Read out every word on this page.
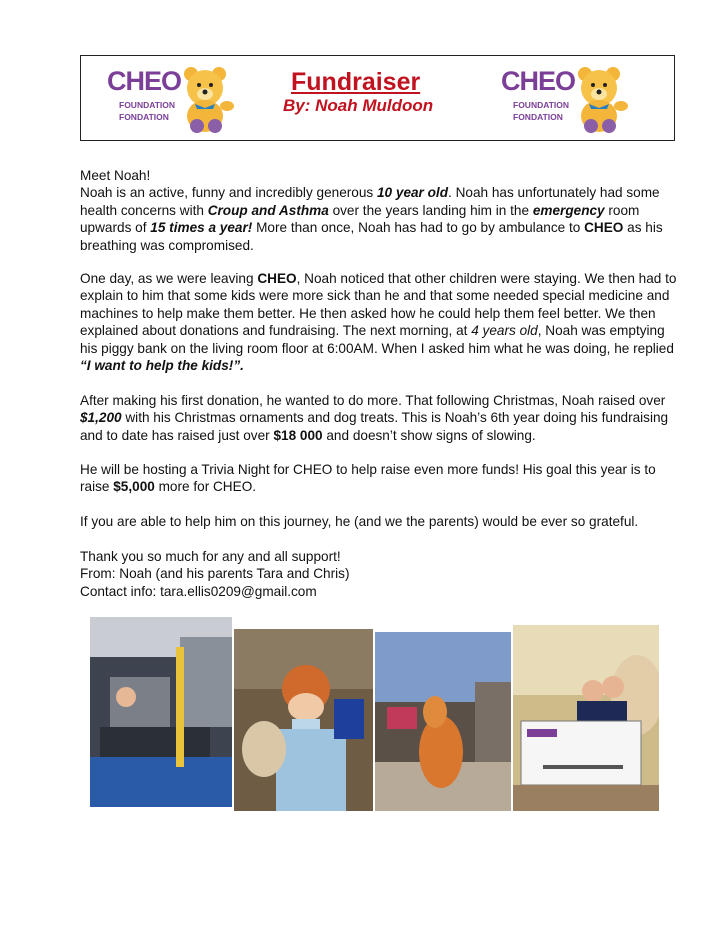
CHEO
FOUNDATION
FONDATION
Fundraiser
By: Noah Muldoon
CHEO
FOUNDATION
FONDATION
Meet Noah!
Noah is an active, funny and incredibly generous 10 year old. Noah has unfortunately had some health concerns with Croup and Asthma over the years landing him in the emergency room upwards of 15 times a year! More than once, Noah has had to go by ambulance to CHEO as his breathing was compromised.
One day, as we were leaving CHEO, Noah noticed that other children were staying. We then had to explain to him that some kids were more sick than he and that some needed special medicine and machines to help make them better. He then asked how he could help them feel better. We then explained about donations and fundraising. The next morning, at 4 years old, Noah was emptying his piggy bank on the living room floor at 6:00AM. When I asked him what he was doing, he replied “I want to help the kids!”.
After making his first donation, he wanted to do more. That following Christmas, Noah raised over $1,200 with his Christmas ornaments and dog treats. This is Noah’s 6th year doing his fundraising and to date has raised just over $18 000 and doesn’t show signs of slowing.
He will be hosting a Trivia Night for CHEO to help raise even more funds! His goal this year is to raise $5,000 more for CHEO.
If you are able to help him on this journey, he (and we the parents) would be ever so grateful.
Thank you so much for any and all support!
From: Noah (and his parents Tara and Chris)
Contact info: tara.ellis0209@gmail.com
